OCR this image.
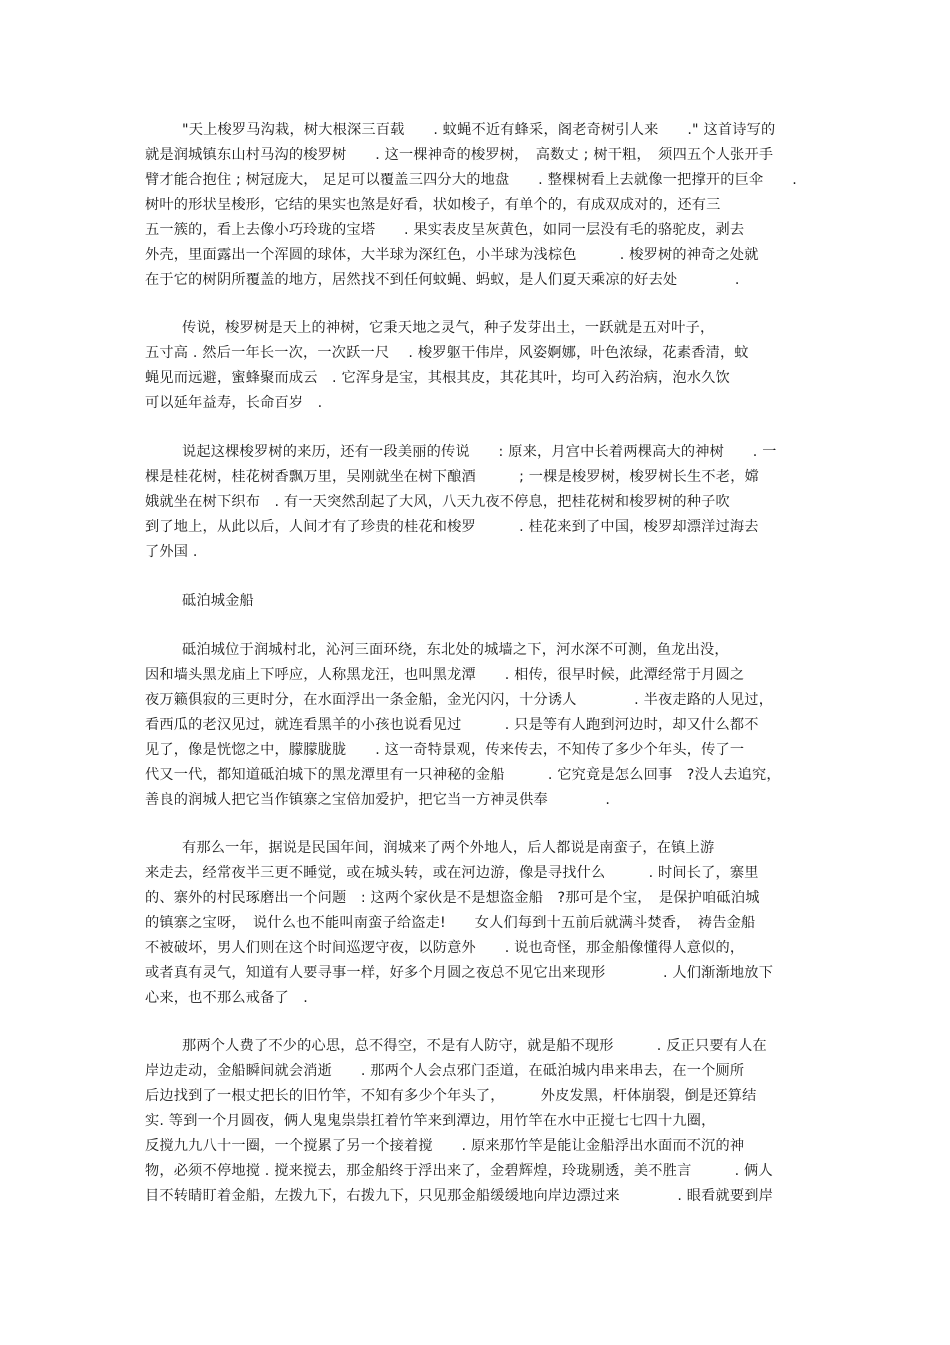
"天上梭罗马沟栽，树大根深三百载　　. 蚊蝇不近有蜂采，阁老奇树引人来　　." 这首诗写的
就是润城镇东山村马沟的梭罗树　　. 这一棵神奇的梭罗树，　高数丈 ; 树干粗，　须四五个人张开手
臂才能合抱住 ; 树冠庞大， 足足可以覆盖三四分大的地盘　　. 整棵树看上去就像一把撑开的巨伞　　.
树叶的形状呈梭形，它结的果实也煞是好看，状如梭子，有单个的，有成双成对的，还有三
五一簇的，看上去像小巧玲珑的宝塔　　. 果实表皮呈灰黄色，如同一层没有毛的骆驼皮，剥去
外壳，里面露出一个浑圆的球体，大半球为深红色，小半球为浅棕色　　　. 梭罗树的神奇之处就
在于它的树阴所覆盖的地方，居然找不到任何蚊蝇、蚂蚁，是人们夏天乘凉的好去处　　　　.
传说，梭罗树是天上的神树，它秉天地之灵气，种子发芽出土，一跃就是五对叶子，
五寸高 . 然后一年长一次，一次跃一尺　 . 梭罗躯干伟岸，风姿婀娜，叶色浓绿，花素香清，蚊
蝇见而远避，蜜蜂聚而成云　. 它浑身是宝，其根其皮，其花其叶，均可入药治病，泡水久饮
可以延年益寿，长命百岁　.
说起这棵梭罗树的来历，还有一段美丽的传说　　: 原来，月宫中长着两棵高大的神树　　. 一
棵是桂花树，桂花树香飘万里，吴刚就坐在树下酿酒　　　; 一棵是梭罗树，梭罗树长生不老，嫦
娥就坐在树下织布　. 有一天突然刮起了大风，八天九夜不停息，把桂花树和梭罗树的种子吹
到了地上，从此以后，人间才有了珍贵的桂花和梭罗　　　. 桂花来到了中国，梭罗却漂洋过海去
了外国 .
砥泊城金船
砥泊城位于润城村北，沁河三面环绕，东北处的城墙之下，河水深不可测，鱼龙出没，
因和墙头黑龙庙上下呼应，人称黑龙汪，也叫黑龙潭　　. 相传，很早时候，此潭经常于月圆之
夜万籁俱寂的三更时分，在水面浮出一条金船，金光闪闪，十分诱人　　　　. 半夜走路的人见过，
看西瓜的老汉见过，就连看黑羊的小孩也说看见过　　　. 只是等有人跑到河边时，却又什么都不
见了，像是恍惚之中，朦朦胧胧　　. 这一奇特景观，传来传去，不知传了多少个年头，传了一
代又一代，都知道砥泊城下的黑龙潭里有一只神秘的金船　　　. 它究竟是怎么回事　?没人去追究，
善良的润城人把它当作镇寨之宝倍加爱护，把它当一方神灵供奉　　　　.
有那么一年，据说是民国年间，润城来了两个外地人，后人都说是南蛮子，在镇上游
来走去，经常夜半三更不睡觉，或在城头转，或在河边游，像是寻找什么　　　. 时间长了，寨里
的、寨外的村民琢磨出一个问题　: 这两个家伙是不是想盗金船　?那可是个宝，　是保护咱砥泊城
的镇寨之宝呀，　说什么也不能叫南蛮子给盗走!　　女人们每到十五前后就满斗焚香，　祷告金船
不被破坏，男人们则在这个时间巡逻守夜，以防意外　　. 说也奇怪，那金船像懂得人意似的，
或者真有灵气，知道有人要寻事一样，好多个月圆之夜总不见它出来现形　　　　. 人们渐渐地放下
心来，也不那么戒备了　.
那两个人费了不少的心思，总不得空，不是有人防守，就是船不现形　　　. 反正只要有人在
岸边走动，金船瞬间就会消逝　　. 那两个人会点邪门歪道，在砥泊城内串来串去，在一个厕所
后边找到了一根丈把长的旧竹竿，不知有多少个年头了，　　　外皮发黑，杆体崩裂，倒是还算结
实. 等到一个月圆夜，俩人鬼鬼祟祟扛着竹竿来到潭边，用竹竿在水中正搅七七四十九圈，
反搅九九八十一圈，一个搅累了另一个接着搅　　. 原来那竹竿是能让金船浮出水面而不沉的神
物，必须不停地搅 . 搅来搅去，那金船终于浮出来了，金碧辉煌，玲珑剔透，美不胜言　　　. 俩人
目不转睛盯着金船，左拨九下，右拨九下，只见那金船缓缓地向岸边漂过来　　　　. 眼看就要到岸
